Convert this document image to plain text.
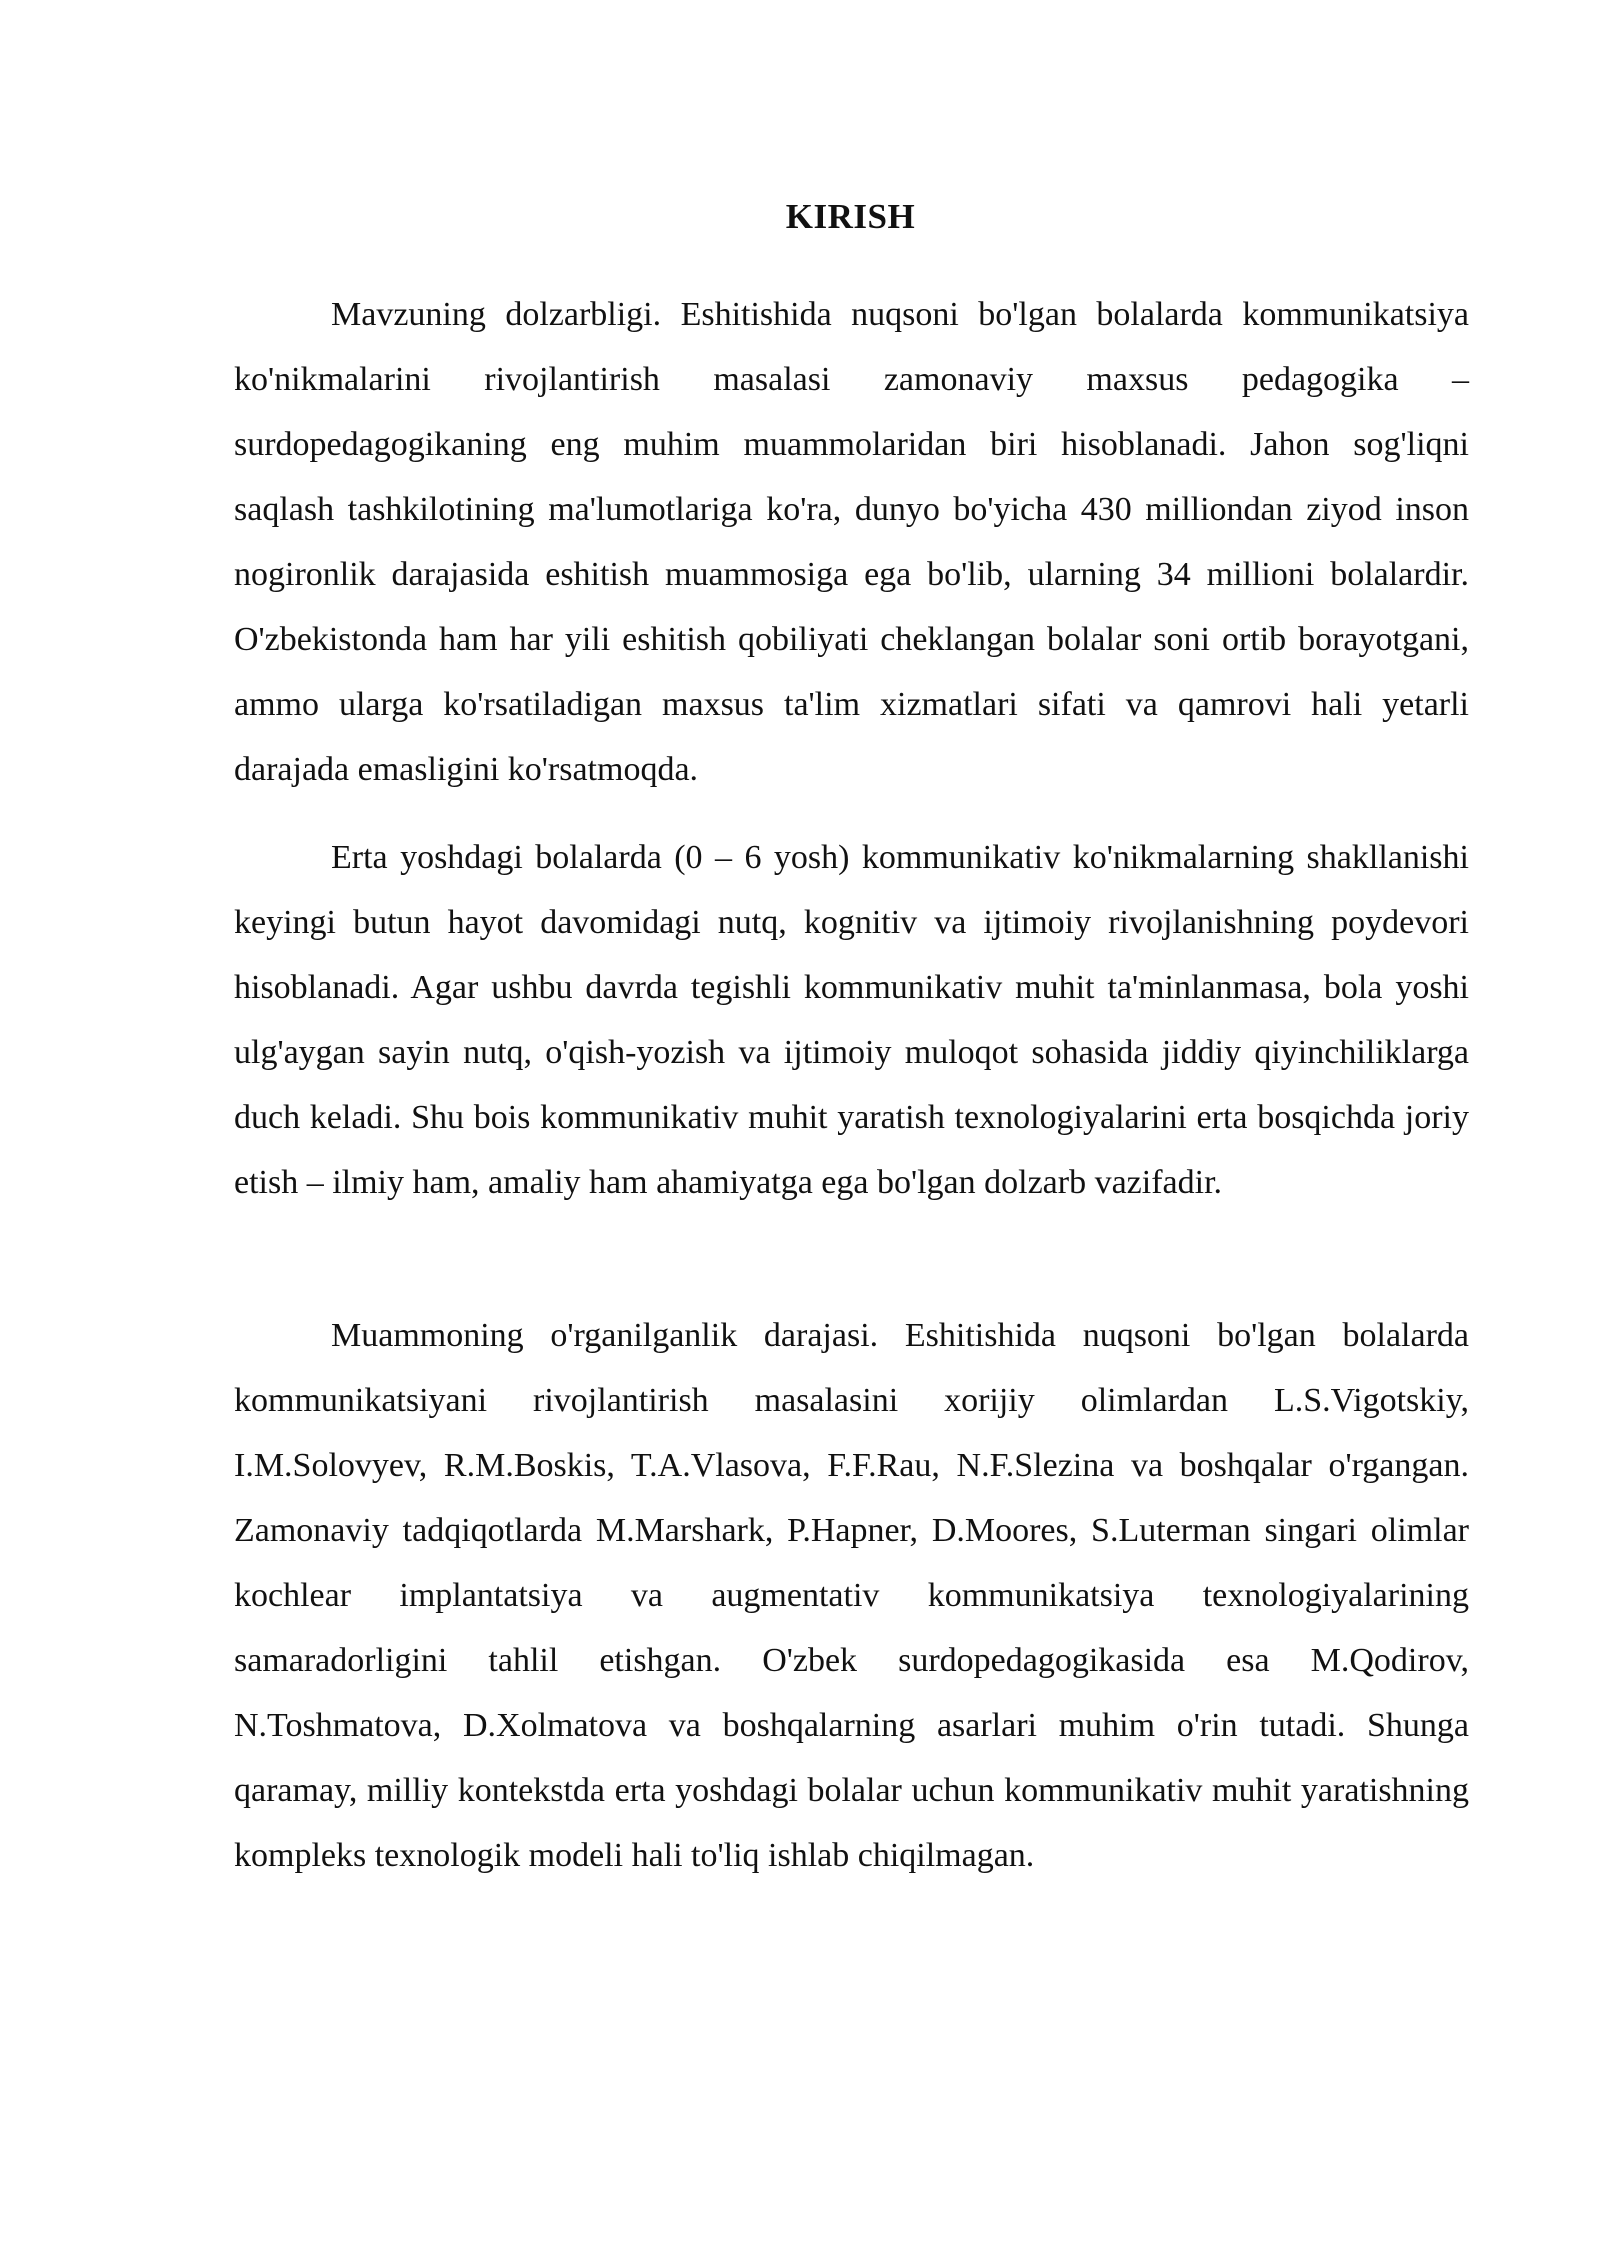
KIRISH

Mavzuning dolzarbligi. Eshitishida nuqsoni bo'lgan bolalarda kommunikatsiya ko'nikmalarini rivojlantirish masalasi zamonaviy maxsus pedagogika – surdopedagogikaning eng muhim muammolaridan biri hisoblanadi. Jahon sog'liqni saqlash tashkilotining ma'lumotlariga ko'ra, dunyo bo'yicha 430 milliondan ziyod inson nogironlik darajasida eshitish muammosiga ega bo'lib, ularning 34 millioni bolalardir. O'zbekistonda ham har yili eshitish qobiliyati cheklangan bolalar soni ortib borayotgani, ammo ularga ko'rsatiladigan maxsus ta'lim xizmatlari sifati va qamrovi hali yetarli darajada emasligini ko'rsatmoqda.

Erta yoshdagi bolalarda (0 – 6 yosh) kommunikativ ko'nikmalarning shakllanishi keyingi butun hayot davomidagi nutq, kognitiv va ijtimoiy rivojlanishning poydevori hisoblanadi. Agar ushbu davrda tegishli kommunikativ muhit ta'minlanmasa, bola yoshi ulg'aygan sayin nutq, o'qish-yozish va ijtimoiy muloqot sohasida jiddiy qiyinchiliklarga duch keladi. Shu bois kommunikativ muhit yaratish texnologiyalarini erta bosqichda joriy etish – ilmiy ham, amaliy ham ahamiyatga ega bo'lgan dolzarb vazifadir.

Muammoning o'rganilganlik darajasi. Eshitishida nuqsoni bo'lgan bolalarda kommunikatsiyani rivojlantirish masalasini xorijiy olimlardan L.S.Vigotskiy, I.M.Solovyev, R.M.Boskis, T.A.Vlasova, F.F.Rau, N.F.Slezina va boshqalar o'rgangan. Zamonaviy tadqiqotlarda M.Marshark, P.Hapner, D.Moores, S.Luterman singari olimlar kochlear implantatsiya va augmentativ kommunikatsiya texnologiyalarining samaradorligini tahlil etishgan. O'zbek surdopedagogikasida esa M.Qodirov, N.Toshmatova, D.Xolmatova va boshqalarning asarlari muhim o'rin tutadi. Shunga qaramay, milliy kontekstda erta yoshdagi bolalar uchun kommunikativ muhit yaratishning kompleks texnologik modeli hali to'liq ishlab chiqilmagan.
